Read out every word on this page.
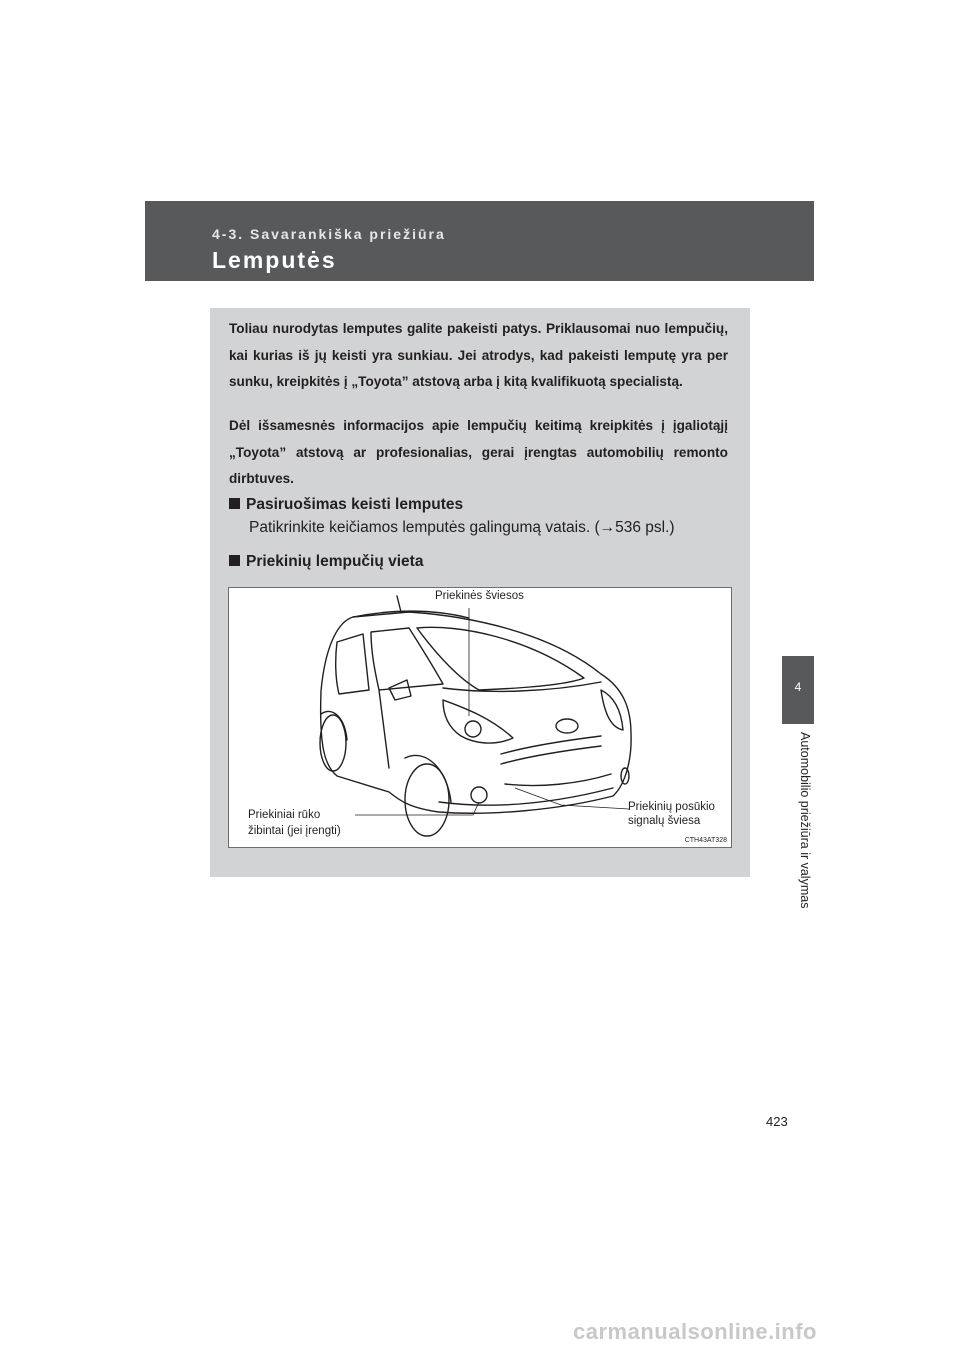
4-3. Savarankiška priežiūra
Lemputės
4
Automobilio priežiūra ir valymas

Toliau nurodytas lemputes galite pakeisti patys. Priklausomai nuo lempučių, kai kurias iš jų keisti yra sunkiau. Jei atrodys, kad pakeisti lemputę yra per sunku, kreipkitės į „Toyota” atstovą arba į kitą kvalifikuotą specialistą.

Dėl išsamesnės informacijos apie lempučių keitimą kreipkitės į įgaliotąjį „Toyota” atstovą ar profesionalias, gerai įrengtas automobilių remonto dirbtuves.

Pasiruošimas keisti lemputes
Patikrinkite keičiamos lemputės galingumą vatais. (→536 psl.)
Priekinių lempučių vieta
Priekinės šviesos
Priekiniai rūko
žibintai (jei įrengti)
Priekinių posūkio
signalų šviesa
CTH43AT328
423
carmanualsonline.info
